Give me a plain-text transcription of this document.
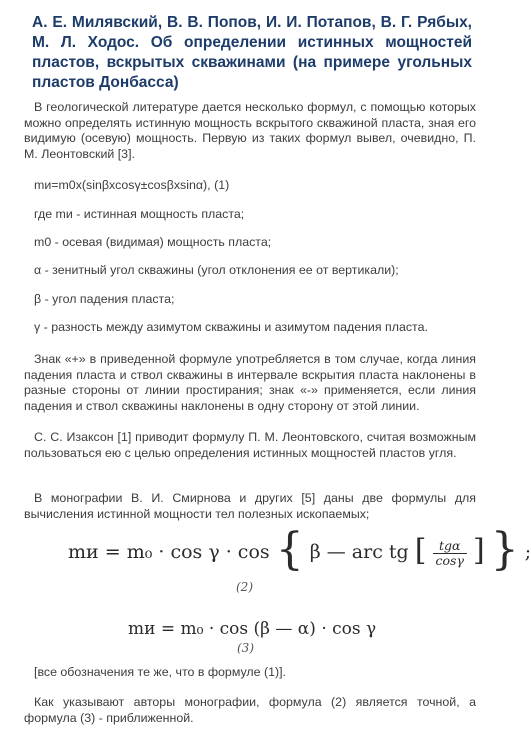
А. Е. Милявский, В. В. Попов, И. И. Потапов, В. Г. Рябых, М. Л. Ходос. Об определении истинных мощностей пластов, вскрытых скважинами (на примере угольных пластов Донбасса)
В геологической литературе дается несколько формул, с помощью которых можно определять истинную мощность вскрытого скважиной пласта, зная его видимую (осевую) мощность. Первую из таких формул вывел, очевидно, П. М. Леонтовский [3].
mи=m0x(sinβxcosγ±cosβxsinα), (1)
где mи - истинная мощность пласта;
m0 - осевая (видимая) мощность пласта;
α - зенитный угол скважины (угол отклонения ее от вертикали);
β - угол падения пласта;
γ - разность между азимутом скважины и азимутом падения пласта.
Знак «+» в приведенной формуле употребляется в том случае, когда линия падения пласта и ствол скважины в интервале вскрытия пласта наклонены в разные стороны от линии простирания; знак «-» применяется, если линия падения и ствол скважины наклонены в одну сторону от этой линии.
С. С. Изаксон [1] приводит формулу П. М. Леонтовского, считая возможным пользоваться ею с целью определения истинных мощностей пластов угля.
В монографии В. И. Смирнова и других [5] даны две формулы для вычисления истинной мощности тел полезных ископаемых;
mи = m₀ · cos γ · cos { β — arc tg [ $\frac{\text{tgα}}{\cos\gamma}$ ] } ;
(2)
mи = m₀ · cos (β — α) · cos γ
(3)
[все обозначения те же, что в формуле (1)].
Как указывают авторы монографии, формула (2) является точной, а формула (3) - приближенной.
